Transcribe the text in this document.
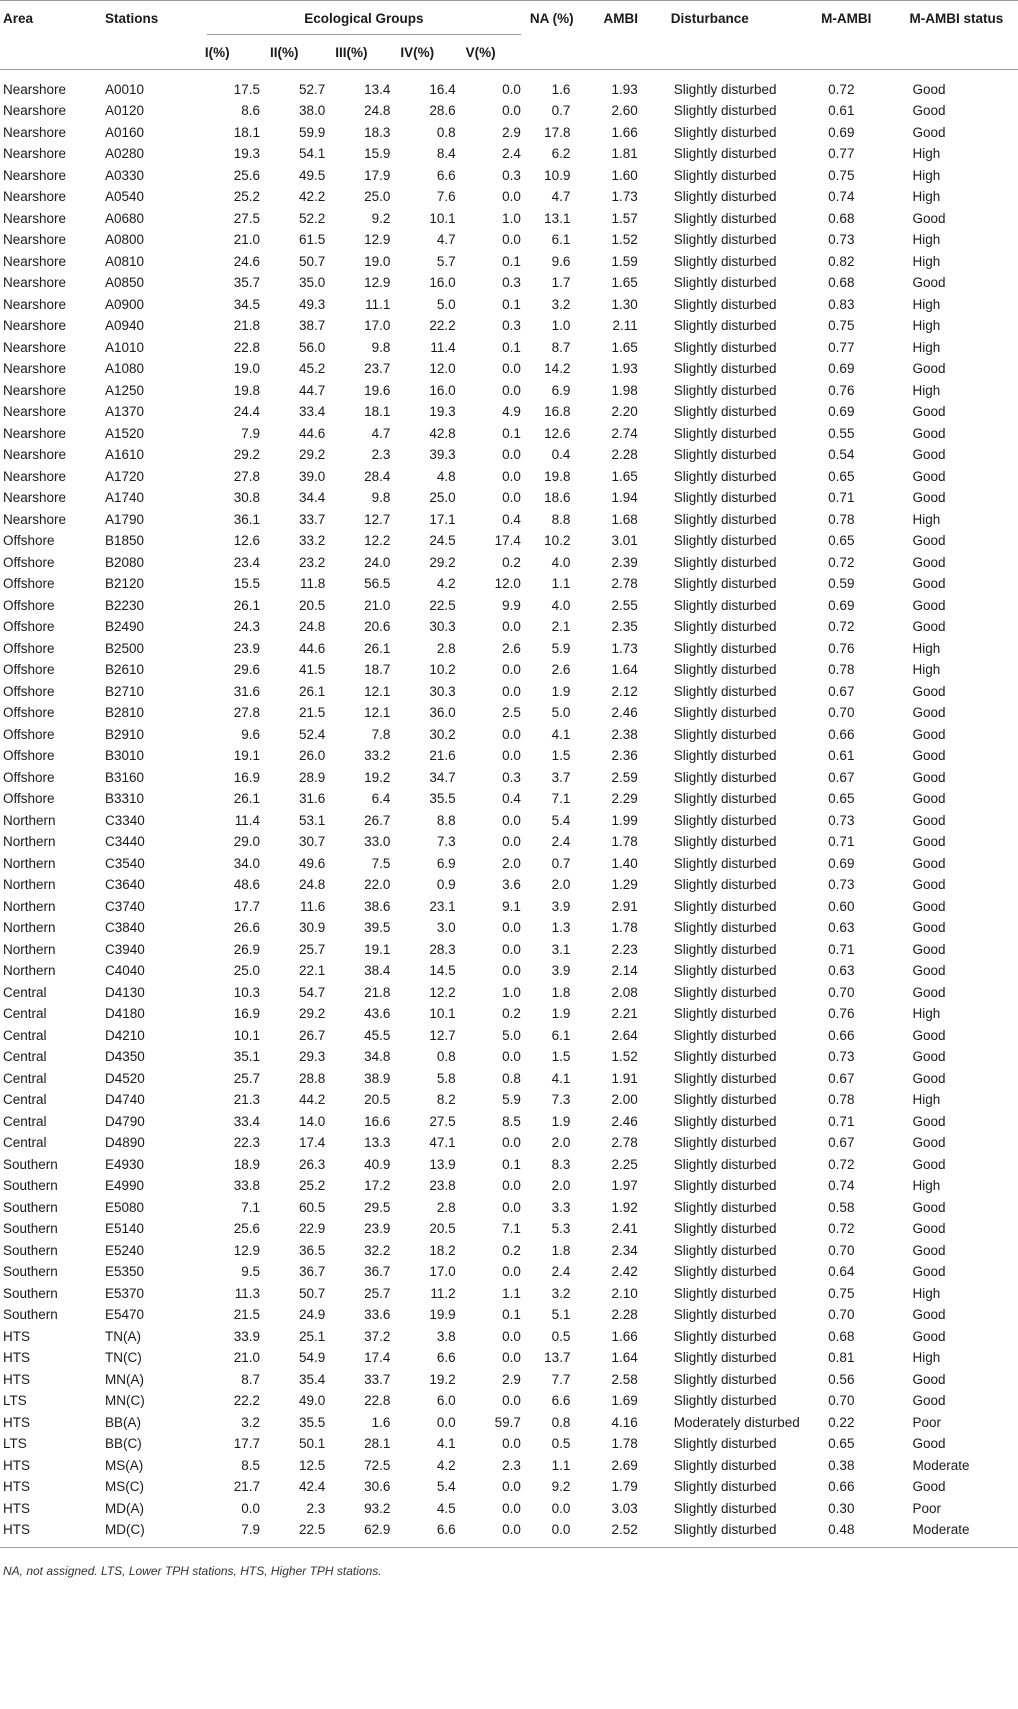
Area	Stations	Ecological Groups					NA (%)	AMBI	Disturbance	M-AMBI	M-AMBI status
		I(%)	II(%)	III(%)	IV(%)	V(%)					
Nearshore	A0010	17.5	52.7	13.4	16.4	0.0	1.6	1.93	Slightly disturbed	0.72	Good
Nearshore	A0120	8.6	38.0	24.8	28.6	0.0	0.7	2.60	Slightly disturbed	0.61	Good
Nearshore	A0160	18.1	59.9	18.3	0.8	2.9	17.8	1.66	Slightly disturbed	0.69	Good
Nearshore	A0280	19.3	54.1	15.9	8.4	2.4	6.2	1.81	Slightly disturbed	0.77	High
Nearshore	A0330	25.6	49.5	17.9	6.6	0.3	10.9	1.60	Slightly disturbed	0.75	High
Nearshore	A0540	25.2	42.2	25.0	7.6	0.0	4.7	1.73	Slightly disturbed	0.74	High
Nearshore	A0680	27.5	52.2	9.2	10.1	1.0	13.1	1.57	Slightly disturbed	0.68	Good
Nearshore	A0800	21.0	61.5	12.9	4.7	0.0	6.1	1.52	Slightly disturbed	0.73	High
Nearshore	A0810	24.6	50.7	19.0	5.7	0.1	9.6	1.59	Slightly disturbed	0.82	High
Nearshore	A0850	35.7	35.0	12.9	16.0	0.3	1.7	1.65	Slightly disturbed	0.68	Good
Nearshore	A0900	34.5	49.3	11.1	5.0	0.1	3.2	1.30	Slightly disturbed	0.83	High
Nearshore	A0940	21.8	38.7	17.0	22.2	0.3	1.0	2.11	Slightly disturbed	0.75	High
Nearshore	A1010	22.8	56.0	9.8	11.4	0.1	8.7	1.65	Slightly disturbed	0.77	High
Nearshore	A1080	19.0	45.2	23.7	12.0	0.0	14.2	1.93	Slightly disturbed	0.69	Good
Nearshore	A1250	19.8	44.7	19.6	16.0	0.0	6.9	1.98	Slightly disturbed	0.76	High
Nearshore	A1370	24.4	33.4	18.1	19.3	4.9	16.8	2.20	Slightly disturbed	0.69	Good
Nearshore	A1520	7.9	44.6	4.7	42.8	0.1	12.6	2.74	Slightly disturbed	0.55	Good
Nearshore	A1610	29.2	29.2	2.3	39.3	0.0	0.4	2.28	Slightly disturbed	0.54	Good
Nearshore	A1720	27.8	39.0	28.4	4.8	0.0	19.8	1.65	Slightly disturbed	0.65	Good
Nearshore	A1740	30.8	34.4	9.8	25.0	0.0	18.6	1.94	Slightly disturbed	0.71	Good
Nearshore	A1790	36.1	33.7	12.7	17.1	0.4	8.8	1.68	Slightly disturbed	0.78	High
Offshore	B1850	12.6	33.2	12.2	24.5	17.4	10.2	3.01	Slightly disturbed	0.65	Good
Offshore	B2080	23.4	23.2	24.0	29.2	0.2	4.0	2.39	Slightly disturbed	0.72	Good
Offshore	B2120	15.5	11.8	56.5	4.2	12.0	1.1	2.78	Slightly disturbed	0.59	Good
Offshore	B2230	26.1	20.5	21.0	22.5	9.9	4.0	2.55	Slightly disturbed	0.69	Good
Offshore	B2490	24.3	24.8	20.6	30.3	0.0	2.1	2.35	Slightly disturbed	0.72	Good
Offshore	B2500	23.9	44.6	26.1	2.8	2.6	5.9	1.73	Slightly disturbed	0.76	High
Offshore	B2610	29.6	41.5	18.7	10.2	0.0	2.6	1.64	Slightly disturbed	0.78	High
Offshore	B2710	31.6	26.1	12.1	30.3	0.0	1.9	2.12	Slightly disturbed	0.67	Good
Offshore	B2810	27.8	21.5	12.1	36.0	2.5	5.0	2.46	Slightly disturbed	0.70	Good
Offshore	B2910	9.6	52.4	7.8	30.2	0.0	4.1	2.38	Slightly disturbed	0.66	Good
Offshore	B3010	19.1	26.0	33.2	21.6	0.0	1.5	2.36	Slightly disturbed	0.61	Good
Offshore	B3160	16.9	28.9	19.2	34.7	0.3	3.7	2.59	Slightly disturbed	0.67	Good
Offshore	B3310	26.1	31.6	6.4	35.5	0.4	7.1	2.29	Slightly disturbed	0.65	Good
Northern	C3340	11.4	53.1	26.7	8.8	0.0	5.4	1.99	Slightly disturbed	0.73	Good
Northern	C3440	29.0	30.7	33.0	7.3	0.0	2.4	1.78	Slightly disturbed	0.71	Good
Northern	C3540	34.0	49.6	7.5	6.9	2.0	0.7	1.40	Slightly disturbed	0.69	Good
Northern	C3640	48.6	24.8	22.0	0.9	3.6	2.0	1.29	Slightly disturbed	0.73	Good
Northern	C3740	17.7	11.6	38.6	23.1	9.1	3.9	2.91	Slightly disturbed	0.60	Good
Northern	C3840	26.6	30.9	39.5	3.0	0.0	1.3	1.78	Slightly disturbed	0.63	Good
Northern	C3940	26.9	25.7	19.1	28.3	0.0	3.1	2.23	Slightly disturbed	0.71	Good
Northern	C4040	25.0	22.1	38.4	14.5	0.0	3.9	2.14	Slightly disturbed	0.63	Good
Central	D4130	10.3	54.7	21.8	12.2	1.0	1.8	2.08	Slightly disturbed	0.70	Good
Central	D4180	16.9	29.2	43.6	10.1	0.2	1.9	2.21	Slightly disturbed	0.76	High
Central	D4210	10.1	26.7	45.5	12.7	5.0	6.1	2.64	Slightly disturbed	0.66	Good
Central	D4350	35.1	29.3	34.8	0.8	0.0	1.5	1.52	Slightly disturbed	0.73	Good
Central	D4520	25.7	28.8	38.9	5.8	0.8	4.1	1.91	Slightly disturbed	0.67	Good
Central	D4740	21.3	44.2	20.5	8.2	5.9	7.3	2.00	Slightly disturbed	0.78	High
Central	D4790	33.4	14.0	16.6	27.5	8.5	1.9	2.46	Slightly disturbed	0.71	Good
Central	D4890	22.3	17.4	13.3	47.1	0.0	2.0	2.78	Slightly disturbed	0.67	Good
Southern	E4930	18.9	26.3	40.9	13.9	0.1	8.3	2.25	Slightly disturbed	0.72	Good
Southern	E4990	33.8	25.2	17.2	23.8	0.0	2.0	1.97	Slightly disturbed	0.74	High
Southern	E5080	7.1	60.5	29.5	2.8	0.0	3.3	1.92	Slightly disturbed	0.58	Good
Southern	E5140	25.6	22.9	23.9	20.5	7.1	5.3	2.41	Slightly disturbed	0.72	Good
Southern	E5240	12.9	36.5	32.2	18.2	0.2	1.8	2.34	Slightly disturbed	0.70	Good
Southern	E5350	9.5	36.7	36.7	17.0	0.0	2.4	2.42	Slightly disturbed	0.64	Good
Southern	E5370	11.3	50.7	25.7	11.2	1.1	3.2	2.10	Slightly disturbed	0.75	High
Southern	E5470	21.5	24.9	33.6	19.9	0.1	5.1	2.28	Slightly disturbed	0.70	Good
HTS	TN(A)	33.9	25.1	37.2	3.8	0.0	0.5	1.66	Slightly disturbed	0.68	Good
HTS	TN(C)	21.0	54.9	17.4	6.6	0.0	13.7	1.64	Slightly disturbed	0.81	High
HTS	MN(A)	8.7	35.4	33.7	19.2	2.9	7.7	2.58	Slightly disturbed	0.56	Good
LTS	MN(C)	22.2	49.0	22.8	6.0	0.0	6.6	1.69	Slightly disturbed	0.70	Good
HTS	BB(A)	3.2	35.5	1.6	0.0	59.7	0.8	4.16	Moderately disturbed	0.22	Poor
LTS	BB(C)	17.7	50.1	28.1	4.1	0.0	0.5	1.78	Slightly disturbed	0.65	Good
HTS	MS(A)	8.5	12.5	72.5	4.2	2.3	1.1	2.69	Slightly disturbed	0.38	Moderate
HTS	MS(C)	21.7	42.4	30.6	5.4	0.0	9.2	1.79	Slightly disturbed	0.66	Good
HTS	MD(A)	0.0	2.3	93.2	4.5	0.0	0.0	3.03	Slightly disturbed	0.30	Poor
HTS	MD(C)	7.9	22.5	62.9	6.6	0.0	0.0	2.52	Slightly disturbed	0.48	Moderate
NA, not assigned. LTS, Lower TPH stations, HTS, Higher TPH stations.
